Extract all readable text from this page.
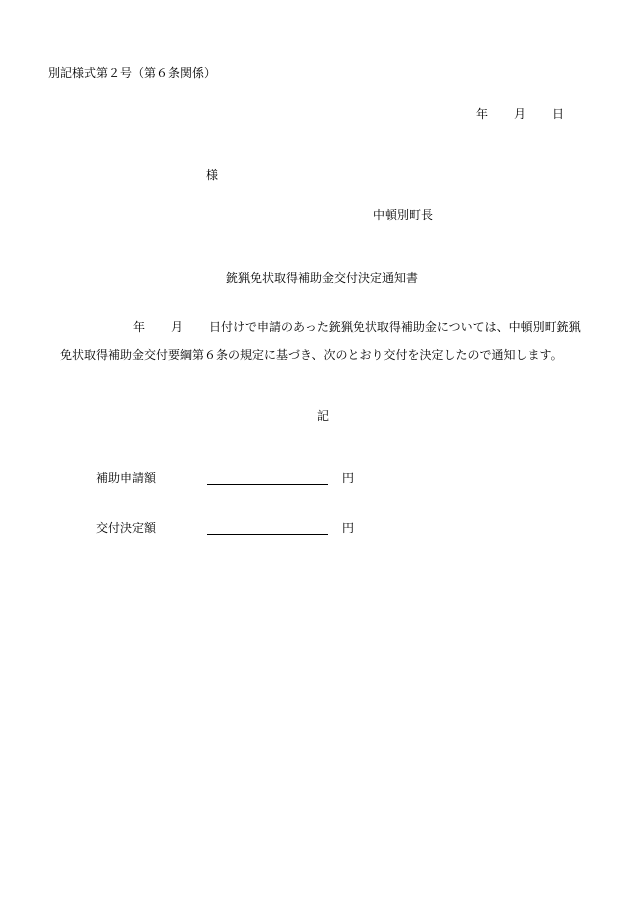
別記様式第２号（第６条関係）
年 月 日
様
中頓別町長
銃猟免状取得補助金交付決定通知書
年 月 日付けで申請のあった銃猟免状取得補助金については、中頓別町銃猟
免状取得補助金交付要綱第６条の規定に基づき、次のとおり交付を決定したので通知します。
記
補助申請額	円
交付決定額	円
